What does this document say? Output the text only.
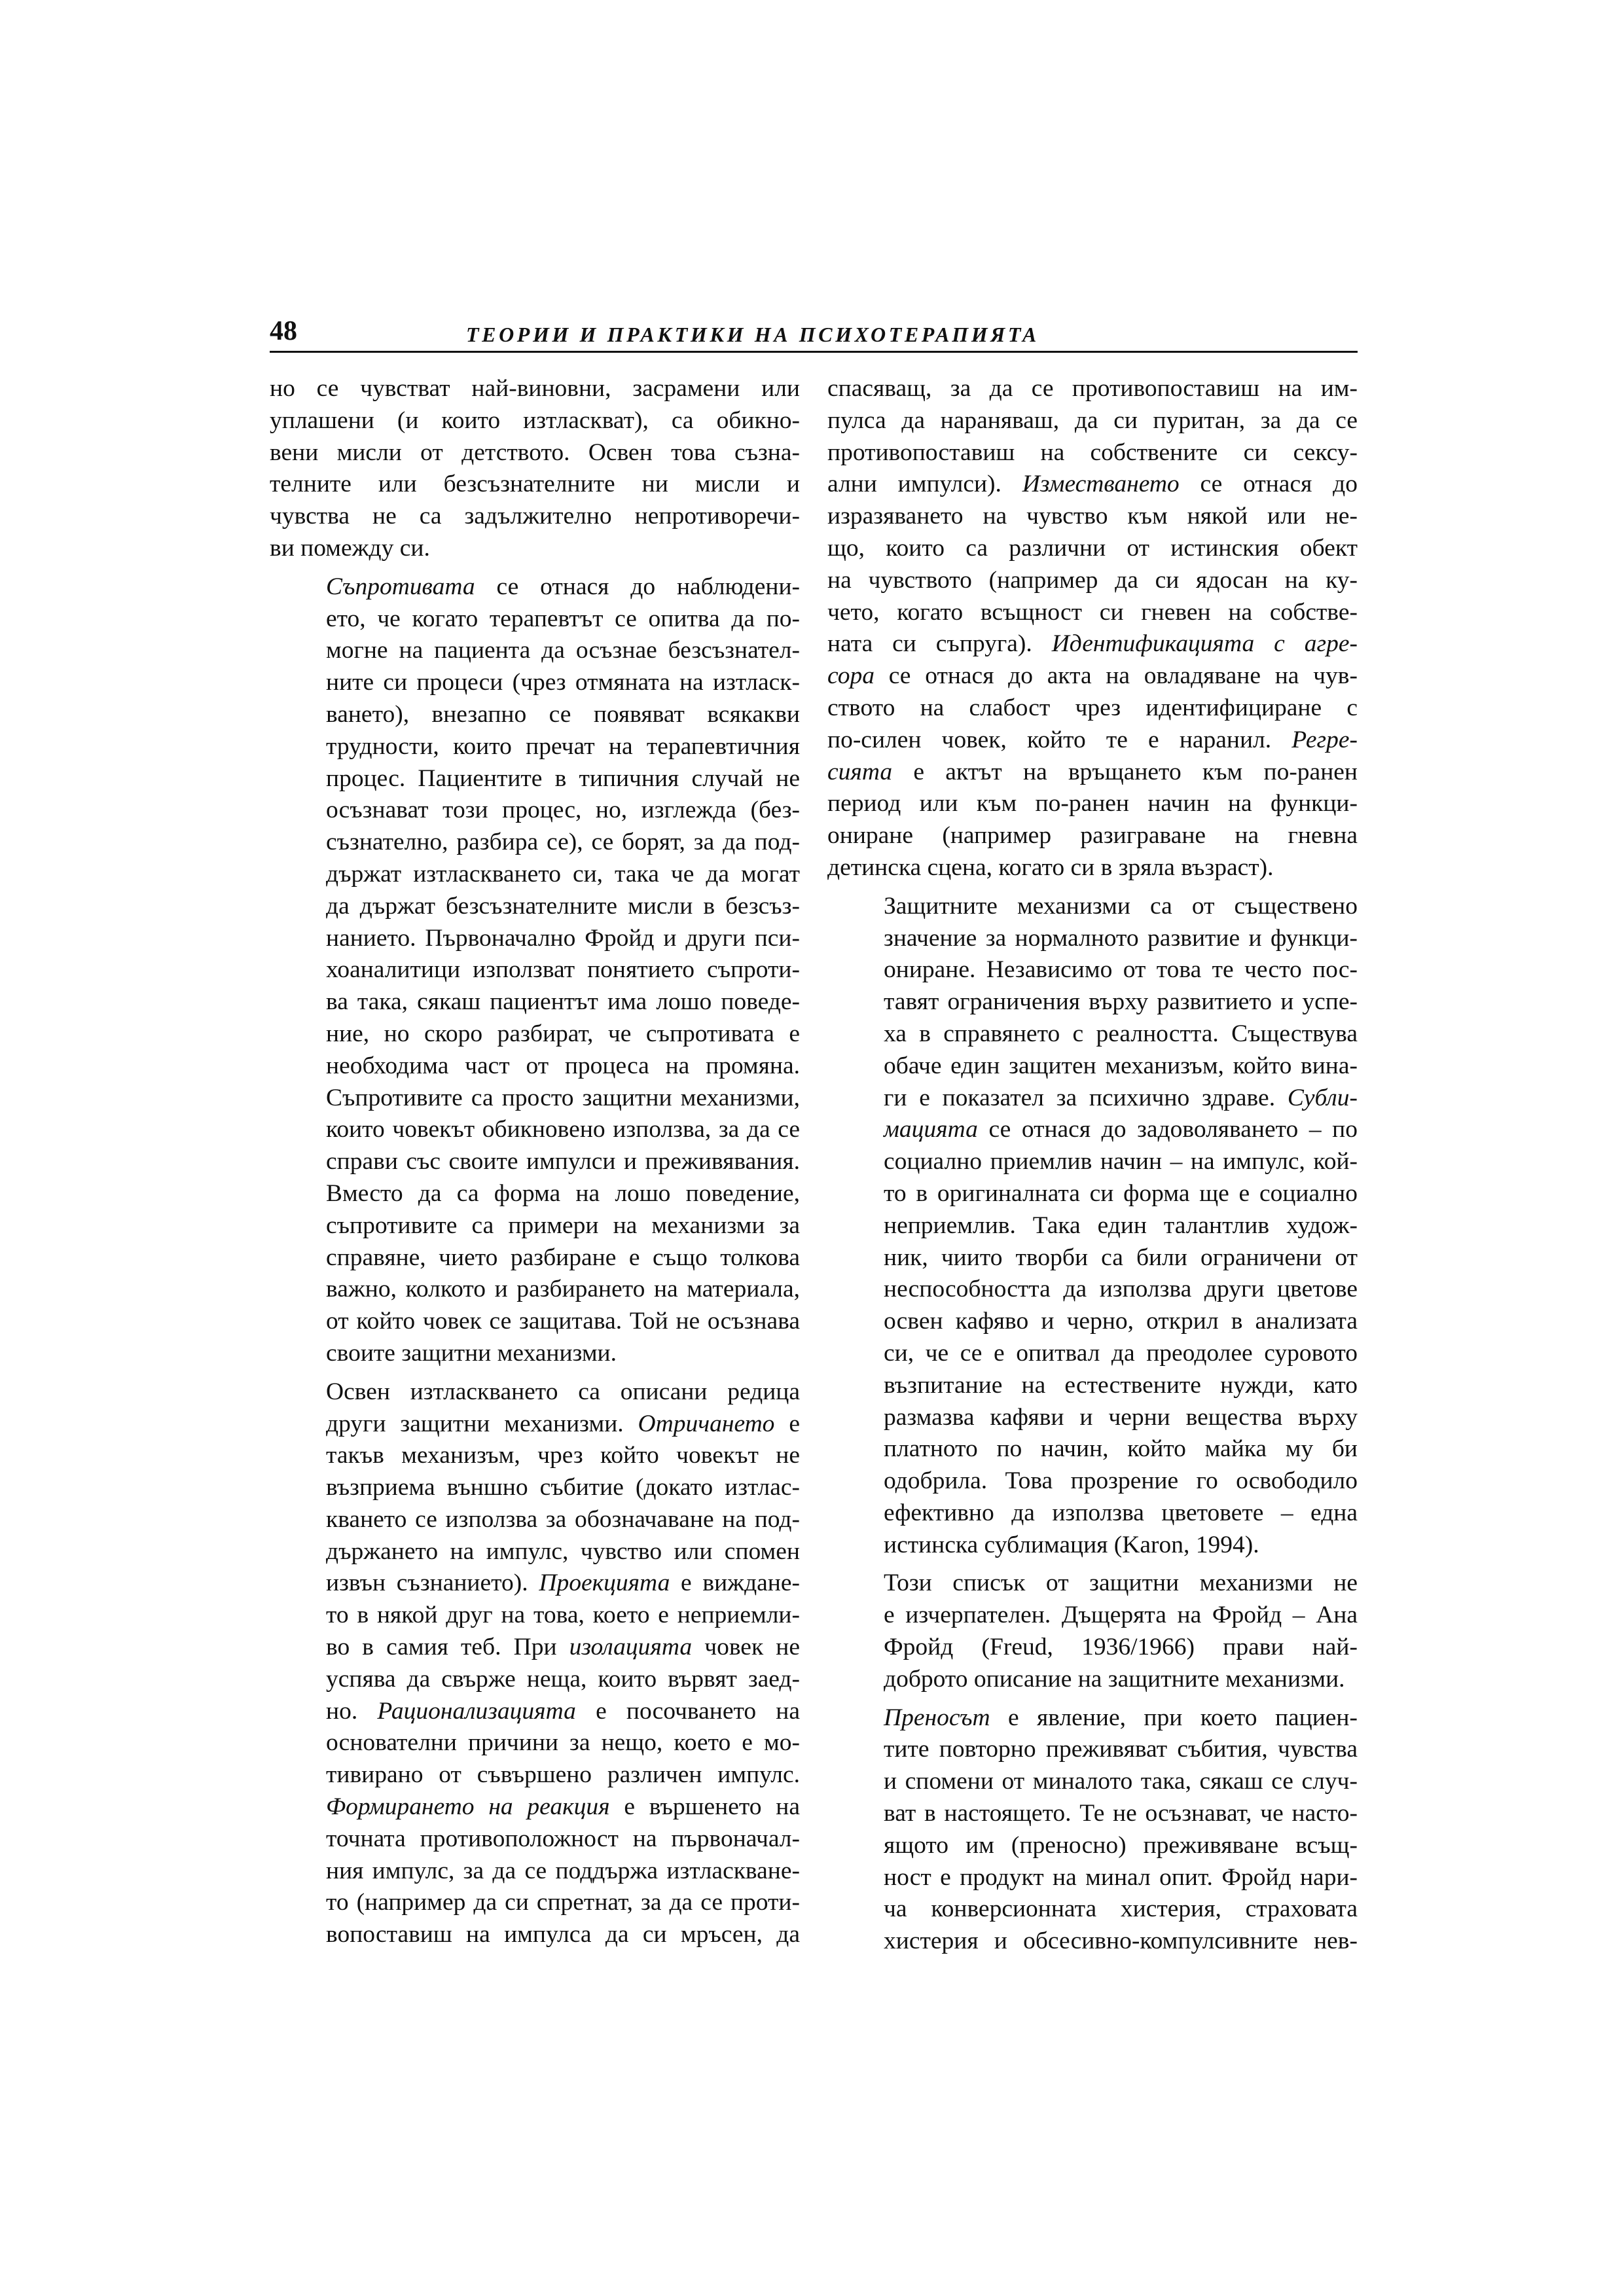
48	ТЕОРИИ И ПРАКТИКИ НА ПСИХОТЕРАПИЯТА

но се чувстват най-виновни, засрамени или
уплашени (и които изтласкват), са обикно-
вени мисли от детството. Освен това съзна-
телните или безсъзнателните ни мисли и
чувства не са задължително непротиворечи-
ви помежду си.

Съпротивата се отнася до наблюдени-
ето, че когато терапевтът се опитва да по-
могне на пациента да осъзнае безсъзнател-
ните си процеси (чрез отмяната на изтласк-
ването), внезапно се появяват всякакви
трудности, които пречат на терапевтичния
процес. Пациентите в типичния случай не
осъзнават този процес, но, изглежда (без-
съзнателно, разбира се), се борят, за да под-
държат изтласкването си, така че да могат
да държат безсъзнателните мисли в безсъз-
нанието. Първоначално Фройд и други пси-
хоаналитици използват понятието съпроти-
ва така, сякаш пациентът има лошо поведе-
ние, но скоро разбират, че съпротивата е
необходима част от процеса на промяна.
Съпротивите са просто защитни механизми,
които човекът обикновено използва, за да се
справи със своите импулси и преживявания.
Вместо да са форма на лошо поведение,
съпротивите са примери на механизми за
справяне, чието разбиране е също толкова
важно, колкото и разбирането на материала,
от който човек се защитава. Той не осъзнава
своите защитни механизми.

Освен изтласкването са описани редица
други защитни механизми. Отричането е
такъв механизъм, чрез който човекът не
възприема външно събитие (докато изтлас-
кването се използва за обозначаване на под-
държането на импулс, чувство или спомен
извън съзнанието). Проекцията е виждане-
то в някой друг на това, което е неприемли-
во в самия теб. При изолацията човек не
успява да свърже неща, които вървят заед-
но. Рационализацията е посочването на
основателни причини за нещо, което е мо-
тивирано от съвършено различен импулс.
Формирането на реакция е вършенето на
точната противоположност на първоначал-
ния импулс, за да се поддържа изтласкване-
то (например да си спретнат, за да се проти-
вопоставиш на импулса да си мръсен, да

спасяващ, за да се противопоставиш на им-
пулса да нараняваш, да си пуритан, за да се
противопоставиш на собствените си сексу-
ални импулси). Изместването се отнася до
изразяването на чувство към някой или не-
що, които са различни от истинския обект
на чувството (например да си ядосан на ку-
чето, когато всъщност си гневен на собстве-
ната си съпруга). Идентификацията с агре-
сора се отнася до акта на овладяване на чув-
ството на слабост чрез идентифициране с
по-силен човек, който те е наранил. Регре-
сията е актът на връщането към по-ранен
период или към по-ранен начин на функци-
ониране (например разиграване на гневна
детинска сцена, когато си в зряла възраст).

Защитните механизми са от съществено
значение за нормалното развитие и функци-
ониране. Независимо от това те често пос-
тавят ограничения върху развитието и успе-
ха в справянето с реалността. Съществува
обаче един защитен механизъм, който вина-
ги е показател за психично здраве. Субли-
мацията се отнася до задоволяването – по
социално приемлив начин – на импулс, кой-
то в оригиналната си форма ще е социално
неприемлив. Така един талантлив худож-
ник, чиито творби са били ограничени от
неспособността да използва други цветове
освен кафяво и черно, открил в анализата
си, че се е опитвал да преодолее суровото
възпитание на естествените нужди, като
размазва кафяви и черни вещества върху
платното по начин, който майка му би
одобрила. Това прозрение го освободило
ефективно да използва цветовете – една
истинска сублимация (Karon, 1994).

Този списък от защитни механизми не
е изчерпателен. Дъщерята на Фройд – Ана
Фройд (Freud, 1936/1966) прави най-
доброто описание на защитните механизми.

Преносът е явление, при което пациен-
тите повторно преживяват събития, чувства
и спомени от миналото така, сякаш се случ-
ват в настоящето. Те не осъзнават, че насто-
ящото им (преносно) преживяване всъщ-
ност е продукт на минал опит. Фройд нари-
ча конверсионната хистерия, страховата
хистерия и обсесивно-компулсивните нев-
